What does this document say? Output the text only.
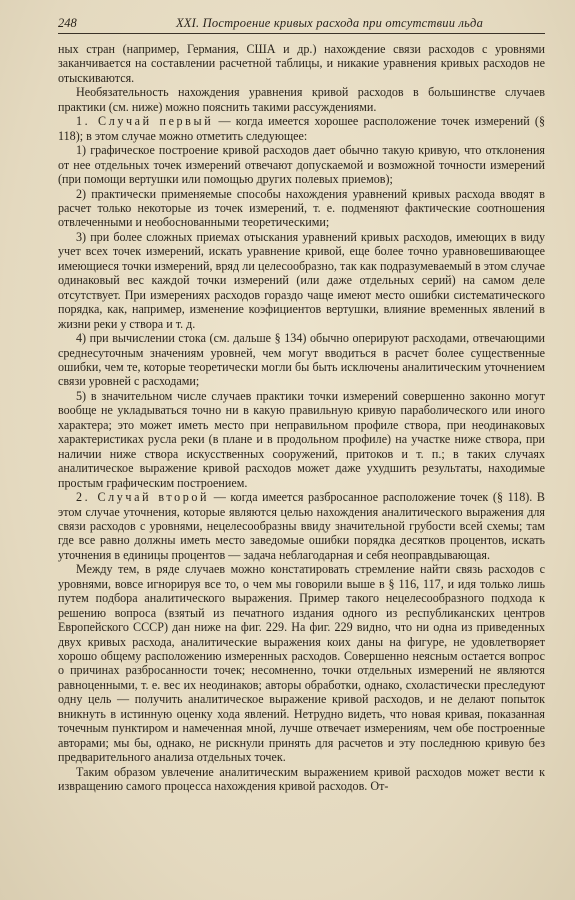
248	XXI. Построение кривых расхода при отсутствии льда

ных стран (например, Германия, США и др.) нахождение связи расходов с уровнями заканчивается на составлении расчетной таблицы, и никакие уравнения кривых расходов не отыскиваются.

Необязательность нахождения уравнения кривой расходов в большинстве случаев практики (см. ниже) можно пояснить такими рассуждениями.

1. Случай первый — когда имеется хорошее расположение точек измерений (§ 118); в этом случае можно отметить следующее:

1) графическое построение кривой расходов дает обычно такую кривую, что отклонения от нее отдельных точек измерений отвечают допускаемой и возможной точности измерений (при помощи вертушки или помощью других полевых приемов);

2) практически применяемые способы нахождения уравнений кривых расхода вводят в расчет только некоторые из точек измерений, т. е. подменяют фактические соотношения отвлеченными и необоснованными теоретическими;

3) при более сложных приемах отыскания уравнений кривых расходов, имеющих в виду учет всех точек измерений, искать уравнение кривой, еще более точно уравновешивающее имеющиеся точки измерений, вряд ли целесообразно, так как подразумеваемый в этом случае одинаковый вес каждой точки измерений (или даже отдельных серий) на самом деле отсутствует. При измерениях расходов гораздо чаще имеют место ошибки систематического порядка, как, например, изменение коэфициентов вертушки, влияние временных явлений в жизни реки у створа и т. д.

4) при вычислении стока (см. дальше § 134) обычно оперируют расходами, отвечающими среднесуточным значениям уровней, чем могут вводиться в расчет более существенные ошибки, чем те, которые теоретически могли бы быть исключены аналитическим уточнением связи уровней с расходами;

5) в значительном числе случаев практики точки измерений совершенно законно могут вообще не укладываться точно ни в какую правильную кривую параболического или иного характера; это может иметь место при неправильном профиле створа, при неодинаковых характеристиках русла реки (в плане и в продольном профиле) на участке ниже створа, при наличии ниже створа искусственных сооружений, притоков и т. п.; в таких случаях аналитическое выражение кривой расходов может даже ухудшить результаты, находимые простым графическим построением.

2. Случай второй — когда имеется разбросанное расположение точек (§ 118). В этом случае уточнения, которые являются целью нахождения аналитического выражения для связи расходов с уровнями, нецелесообразны ввиду значительной грубости всей схемы; там где все равно должны иметь место заведомые ошибки порядка десятков процентов, искать уточнения в единицы процентов — задача неблагодарная и себя неоправдывающая.

Между тем, в ряде случаев можно констатировать стремление найти связь расходов с уровнями, вовсе игнорируя все то, о чем мы говорили выше в § 116, 117, и идя только лишь путем подбора аналитического выражения. Пример такого нецелесообразного подхода к решению вопроса (взятый из печатного издания одного из республиканских центров Европейского СССР) дан ниже на фиг. 229. На фиг. 229 видно, что ни одна из приведенных двух кривых расхода, аналитические выражения коих даны на фигуре, не удовлетворяет хорошо общему расположению измеренных расходов. Совершенно неясным остается вопрос о причинах разбросанности точек; несомненно, точки отдельных измерений не являются равноценными, т. е. вес их неодинаков; авторы обработки, однако, схоластически преследуют одну цель — получить аналитическое выражение кривой расходов, и не делают попыток вникнуть в истинную оценку хода явлений. Нетрудно видеть, что новая кривая, показанная точечным пунктиром и намеченная мной, лучше отвечает измерениям, чем обе построенные авторами; мы бы, однако, не рискнули принять для расчетов и эту последнюю кривую без предварительного анализа отдельных точек.

Таким образом увлечение аналитическим выражением кривой расходов может вести к извращению самого процесса нахождения кривой расходов. От-
